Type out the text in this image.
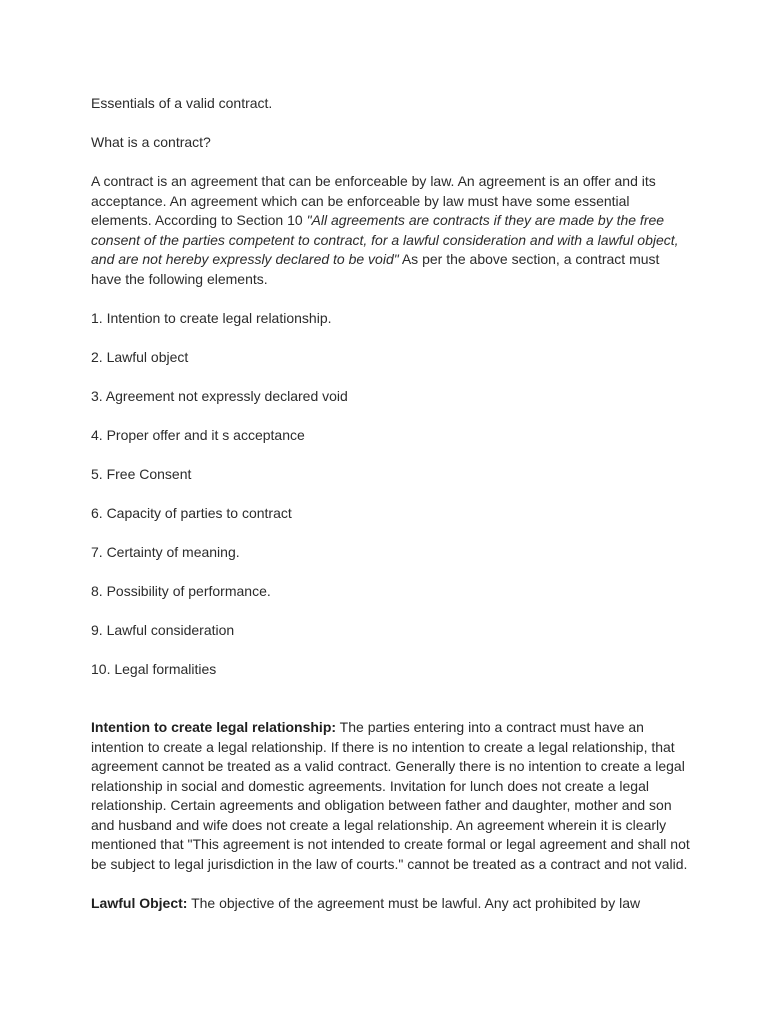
Essentials of a valid contract.

What is a contract?

A contract is an agreement that can be enforceable by law. An agreement is an offer and its acceptance. An agreement which can be enforceable by law must have some essential elements. According to Section 10 "All agreements are contracts if they are made by the free consent of the parties competent to contract, for a lawful consideration and with a lawful object, and are not hereby expressly declared to be void" As per the above section, a contract must have the following elements.

1. Intention to create legal relationship.
2. Lawful object
3. Agreement not expressly declared void
4. Proper offer and it s acceptance
5. Free Consent
6. Capacity of parties to contract
7. Certainty of meaning.
8. Possibility of performance.
9. Lawful consideration
10. Legal formalities

Intention to create legal relationship: The parties entering into a contract must have an intention to create a legal relationship. If there is no intention to create a legal relationship, that agreement cannot be treated as a valid contract. Generally there is no intention to create a legal relationship in social and domestic agreements. Invitation for lunch does not create a legal relationship. Certain agreements and obligation between father and daughter, mother and son and husband and wife does not create a legal relationship. An agreement wherein it is clearly mentioned that "This agreement is not intended to create formal or legal agreement and shall not be subject to legal jurisdiction in the law of courts." cannot be treated as a contract and not valid.

Lawful Object: The objective of the agreement must be lawful. Any act prohibited by law
